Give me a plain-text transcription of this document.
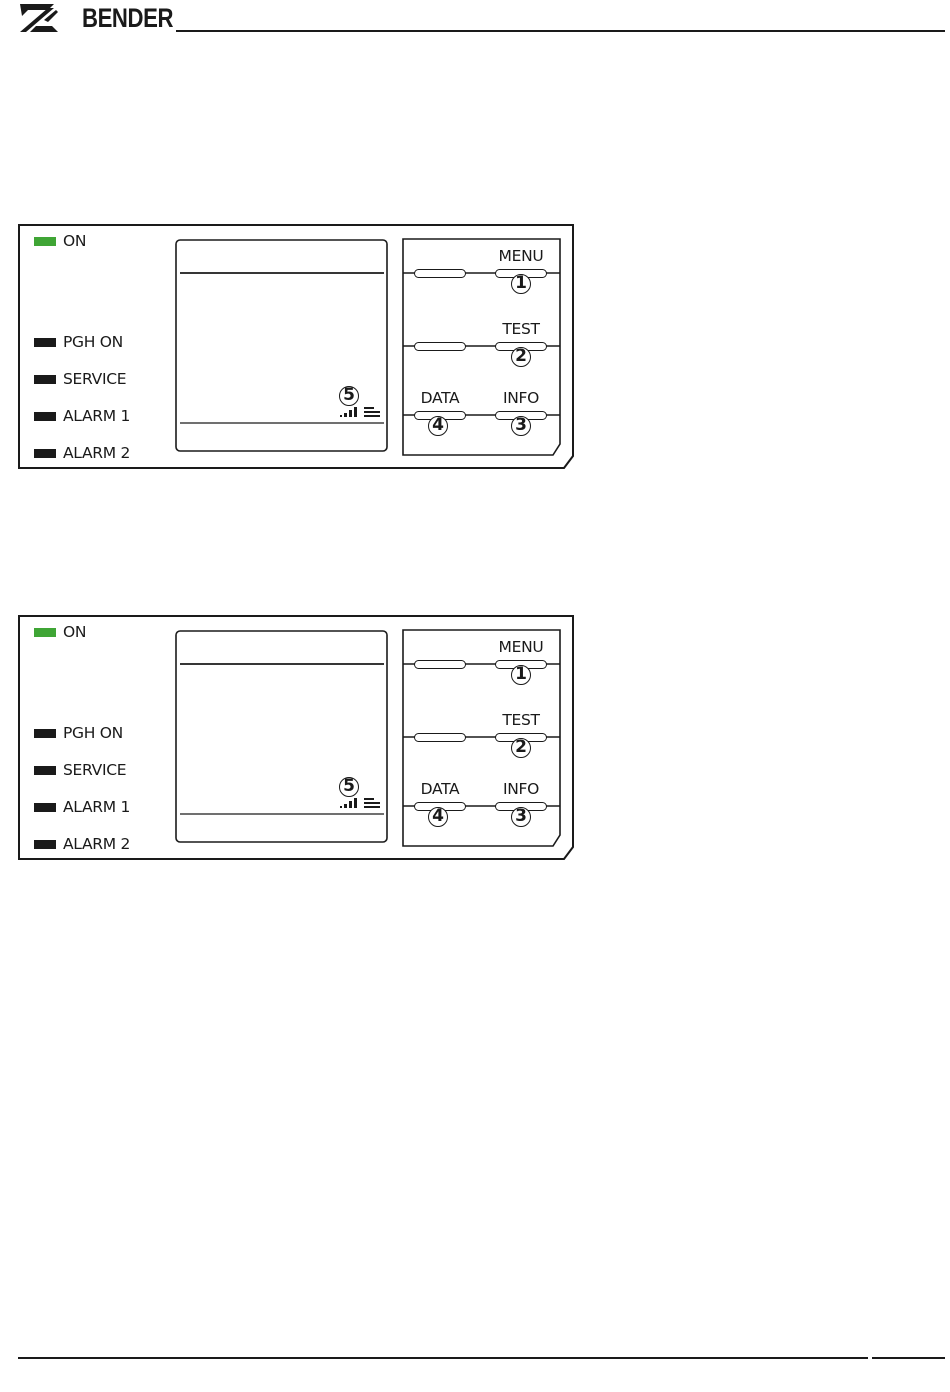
BENDER
ON
PGH ON
SERVICE
ALARM 1
ALARM 2
5
MENU
1
TEST
2
DATA
4
INFO
3
ON
PGH ON
SERVICE
ALARM 1
ALARM 2
5
MENU
1
TEST
2
DATA
4
INFO
3
